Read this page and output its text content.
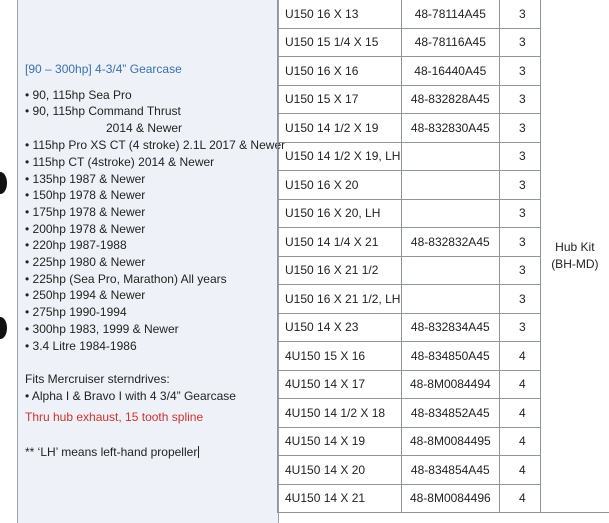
[90 – 300hp] 4-3/4” Gearcase
• 90, 115hp Sea Pro
• 90, 115hp Command Thrust
2014 & Newer
• 115hp Pro XS CT (4 stroke) 2.1L 2017 & Newer
• 115hp CT (4stroke) 2014 & Newer
• 135hp 1987 & Newer
• 150hp 1978 & Newer
• 175hp 1978 & Newer
• 200hp 1978 & Newer
• 220hp 1987-1988
• 225hp 1980 & Newer
• 225hp (Sea Pro, Marathon) All years
• 250hp 1994 & Newer
• 275hp 1990-1994
• 300hp 1983, 1999 & Newer
• 3.4 Litre 1984-1986
Fits Mercruiser sterndrives:
• Alpha I & Bravo I with 4 3/4” Gearcase
Thru hub exhaust, 15 tooth spline
** ‘LH’ means left-hand propeller
U150 16 X 13	48-78114A45	3	Hub Kit
(BH-MD)

U150 15 1/4 X 15	48-78116A45	3	
U150 16 X 16	48-16440A45	3	
U150 15 X 17	48-832828A45	3	
U150 14 1/2 X 19	48-832830A45	3	
U150 14 1/2 X 19, LH		3	
U150 16 X 20		3	
U150 16 X 20, LH		3	
U150 14 1/4 X 21	48-832832A45	3	
U150 16 X 21 1/2		3	
U150 16 X 21 1/2, LH		3	
U150 14 X 23	48-832834A45	3	
4U150 15 X 16	48-834850A45	4	
4U150 14 X 17	48-8M0084494	4	
4U150 14 1/2 X 18	48-834852A45	4	
4U150 14 X 19	48-8M0084495	4	
4U150 14 X 20	48-834854A45	4	
4U150 14 X 21	48-8M0084496	4	
